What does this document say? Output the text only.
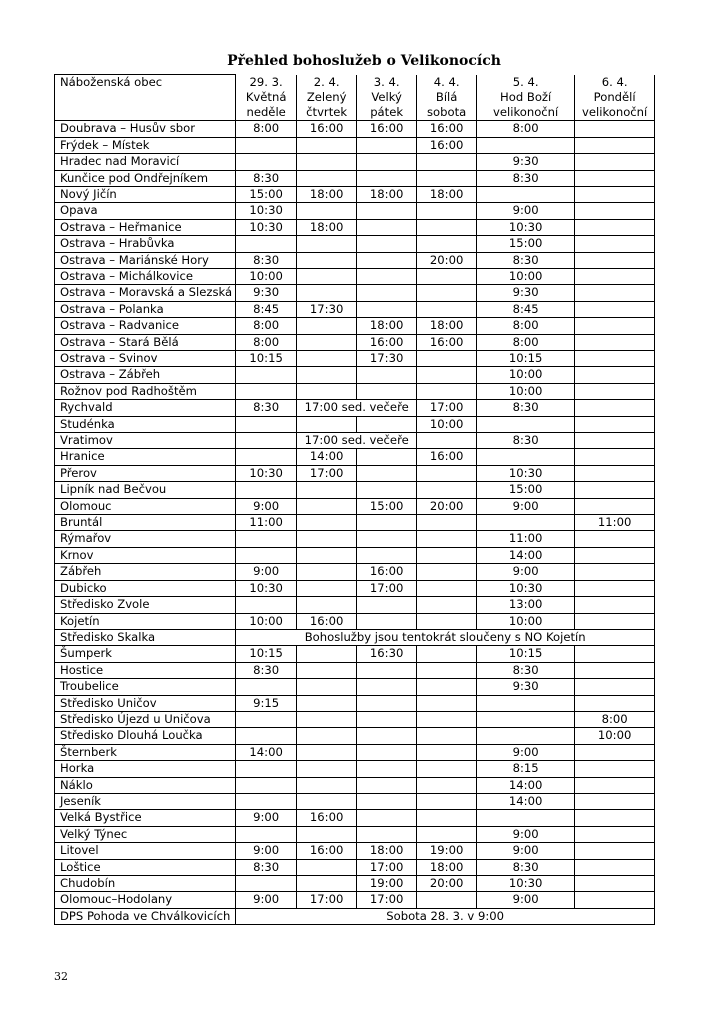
Přehled bohoslužeb o Velikonocích
Náboženská obec	29. 3.	2. 4.	3. 4.	4. 4.	5. 4.	6. 4.
	Květná	Zelený	Velký	Bílá	Hod Boží	Pondělí
	neděle	čtvrtek	pátek	sobota	velikonoční	velikonoční
Doubrava – Husův sbor	8:00	16:00	16:00	16:00	8:00	
Frýdek – Místek				16:00		
Hradec nad Moravicí					9:30	
Kunčice pod Ondřejníkem	8:30				8:30	
Nový Jičín	15:00	18:00	18:00	18:00		
Opava	10:30				9:00	
Ostrava – Heřmanice	10:30	18:00			10:30	
Ostrava – Hrabůvka					15:00	
Ostrava – Mariánské Hory	8:30			20:00	8:30	
Ostrava – Michálkovice	10:00				10:00	
Ostrava – Moravská a Slezská	9:30				9:30	
Ostrava – Polanka	8:45	17:30			8:45	
Ostrava – Radvanice	8:00		18:00	18:00	8:00	
Ostrava – Stará Bělá	8:00		16:00	16:00	8:00	
Ostrava – Svinov	10:15		17:30		10:15	
Ostrava – Zábřeh					10:00	
Rožnov pod Radhoštěm					10:00	
Rychvald	8:30	17:00 sed. večeře		17:00	8:30	
Studénka				10:00		
Vratimov		17:00 sed. večeře			8:30	
Hranice		14:00		16:00		
Přerov	10:30	17:00			10:30	
Lipník nad Bečvou					15:00	
Olomouc	9:00		15:00	20:00	9:00	
Bruntál	11:00					11:00
Rýmařov					11:00	
Krnov					14:00	
Zábřeh	9:00		16:00		9:00	
Dubicko	10:30		17:00		10:30	
Středisko Zvole					13:00	
Kojetín	10:00	16:00			10:00	
Středisko Skalka	Bohoslužby jsou tentokrát sloučeny s NO Kojetín					
Šumperk	10:15		16:30		10:15	
Hostice	8:30				8:30	
Troubelice					9:30	
Středisko Uničov	9:15					
Středisko Újezd u Uničova						8:00
Středisko Dlouhá Loučka						10:00
Šternberk	14:00				9:00	
Horka					8:15	
Náklo					14:00	
Jeseník					14:00	
Velká Bystřice	9:00	16:00				
Velký Týnec					9:00	
Litovel	9:00	16:00	18:00	19:00	9:00	
Loštice	8:30		17:00	18:00	8:30	
Chudobín			19:00	20:00	10:30	
Olomouc–Hodolany	9:00	17:00	17:00		9:00	
DPS Pohoda ve Chválkovicích	Sobota 28. 3. v 9:00					
32
